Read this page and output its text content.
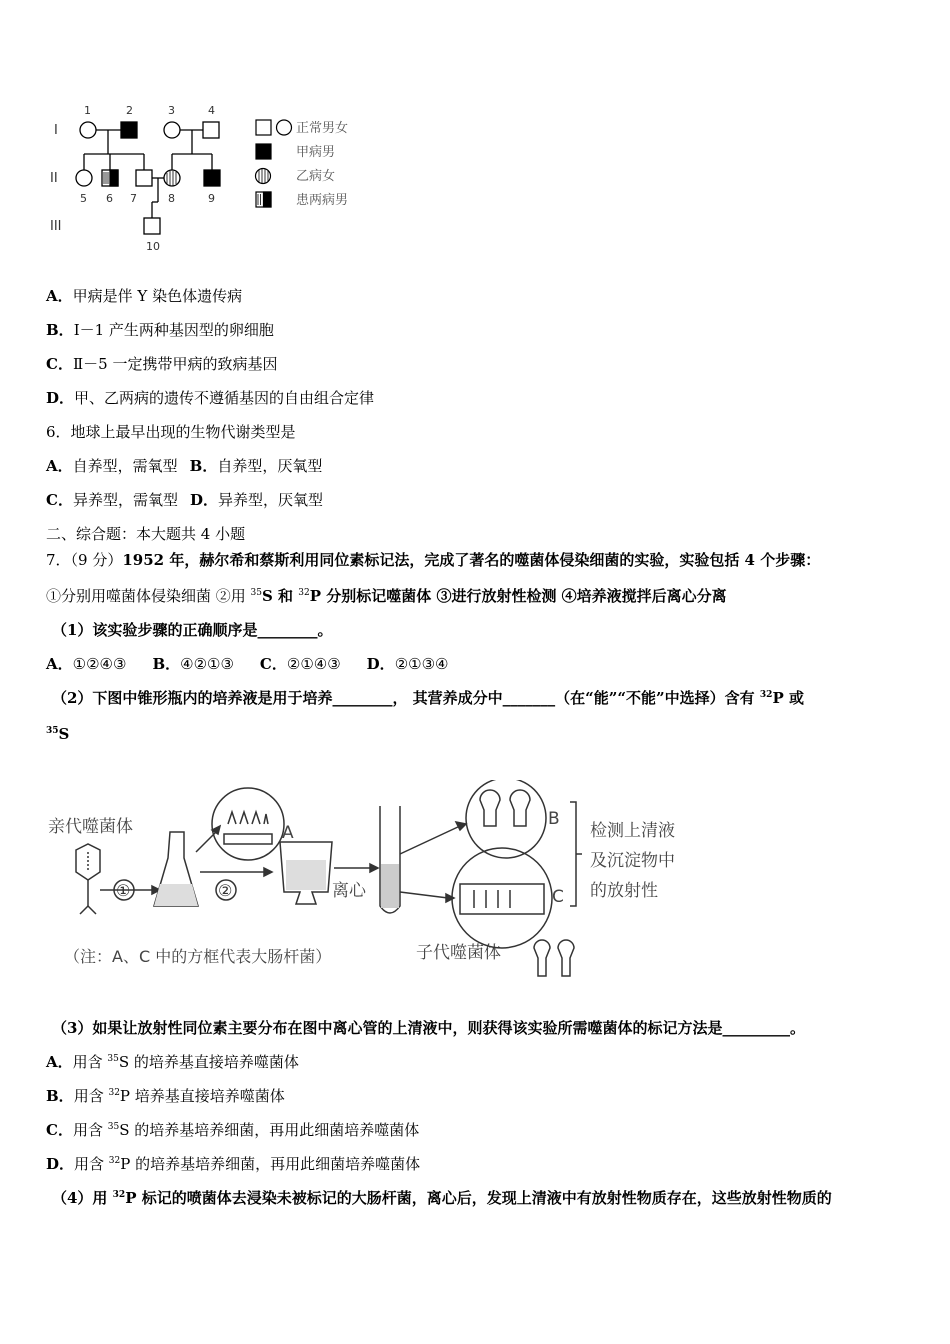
I
II
III
1	2	3	4
5 6 7	8	9
10
正常男女
甲病男
乙病女
患两病男
A．甲病是伴 Y 染色体遗传病
B．Ⅰ－1 产生两种基因型的卵细胞
C．Ⅱ－5 一定携带甲病的致病基因
D．甲、乙两病的遗传不遵循基因的自由组合定律
6．地球上最早出现的生物代谢类型是
A．自养型，需氧型 B．自养型，厌氧型
C．异养型，需氧型 D．异养型，厌氧型
二、综合题：本大题共 4 小题
7．（9 分）1952 年，赫尔希和蔡斯利用同位素标记法，完成了著名的噬菌体侵染细菌的实验，实验包括 4 个步骤：
①分别用噬菌体侵染细菌 ②用 $^{35}$S 和 $^{32}$P 分别标记噬菌体 ③进行放射性检测 ④培养液搅拌后离心分离
（1）该实验步骤的正确顺序是________。
A．①②④③ B．④②①③ C．②①④③ D．②①③④
（2）下图中锥形瓶内的培养液是用于培养________， 其营养成分中_______（在“能”“不能”中选择）含有 $^{32}$P 或
$^{35}$S
亲代噬菌体
离心
A
B
C
检测上清液
及沉淀物中
的放射性
（注：A、C 中的方框代表大肠杆菌）	子代噬菌体
①	②
（3）如果让放射性同位素主要分布在图中离心管的上清液中，则获得该实验所需噬菌体的标记方法是_________。
A．用含 $^{35}$S 的培养基直接培养噬菌体
B．用含 $^{32}$P 培养基直接培养噬菌体
C．用含 $^{35}$S 的培养基培养细菌，再用此细菌培养噬菌体
D．用含 $^{32}$P 的培养基培养细菌，再用此细菌培养噬菌体
（4）用 $^{32}$P 标记的喷菌体去浸染未被标记的大肠杆菌，离心后，发现上清液中有放射性物质存在，这些放射性物质的
